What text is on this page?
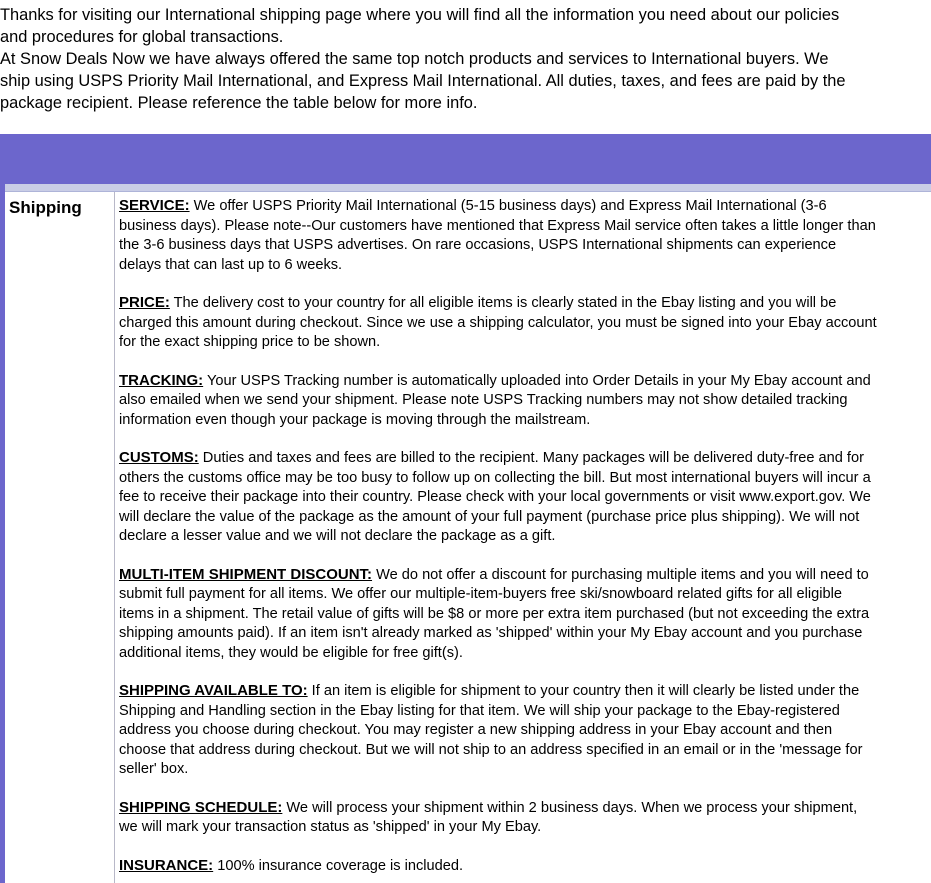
Thanks for visiting our International shipping page where you will find all the information you need about our policies
and procedures for global transactions.
At Snow Deals Now we have always offered the same top notch products and services to International buyers. We
ship using USPS Priority Mail International, and Express Mail International. All duties, taxes, and fees are paid by the
package recipient. Please reference the table below for more info.
Shipping SERVICE: We offer USPS Priority Mail International (5-15 business days) and Express Mail International (3-6
business days). Please note--Our customers have mentioned that Express Mail service often takes a little longer than
the 3-6 business days that USPS advertises. On rare occasions, USPS International shipments can experience
delays that can last up to 6 weeks.
PRICE: The delivery cost to your country for all eligible items is clearly stated in the Ebay listing and you will be
charged this amount during checkout. Since we use a shipping calculator, you must be signed into your Ebay account
for the exact shipping price to be shown.
TRACKING: Your USPS Tracking number is automatically uploaded into Order Details in your My Ebay account and
also emailed when we send your shipment. Please note USPS Tracking numbers may not show detailed tracking
information even though your package is moving through the mailstream.
CUSTOMS: Duties and taxes and fees are billed to the recipient. Many packages will be delivered duty-free and for
others the customs office may be too busy to follow up on collecting the bill. But most international buyers will incur a
fee to receive their package into their country. Please check with your local governments or visit www.export.gov. We
will declare the value of the package as the amount of your full payment (purchase price plus shipping). We will not
declare a lesser value and we will not declare the package as a gift.
MULTI-ITEM SHIPMENT DISCOUNT: We do not offer a discount for purchasing multiple items and you will need to
submit full payment for all items. We offer our multiple-item-buyers free ski/snowboard related gifts for all eligible
items in a shipment. The retail value of gifts will be $8 or more per extra item purchased (but not exceeding the extra
shipping amounts paid). If an item isn't already marked as 'shipped' within your My Ebay account and you purchase
additional items, they would be eligible for free gift(s).
SHIPPING AVAILABLE TO: If an item is eligible for shipment to your country then it will clearly be listed under the
Shipping and Handling section in the Ebay listing for that item. We will ship your package to the Ebay-registered
address you choose during checkout. You may register a new shipping address in your Ebay account and then
choose that address during checkout. But we will not ship to an address specified in an email or in the 'message for
seller' box.
SHIPPING SCHEDULE: We will process your shipment within 2 business days. When we process your shipment,
we will mark your transaction status as 'shipped' in your My Ebay.
INSURANCE: 100% insurance coverage is included.
